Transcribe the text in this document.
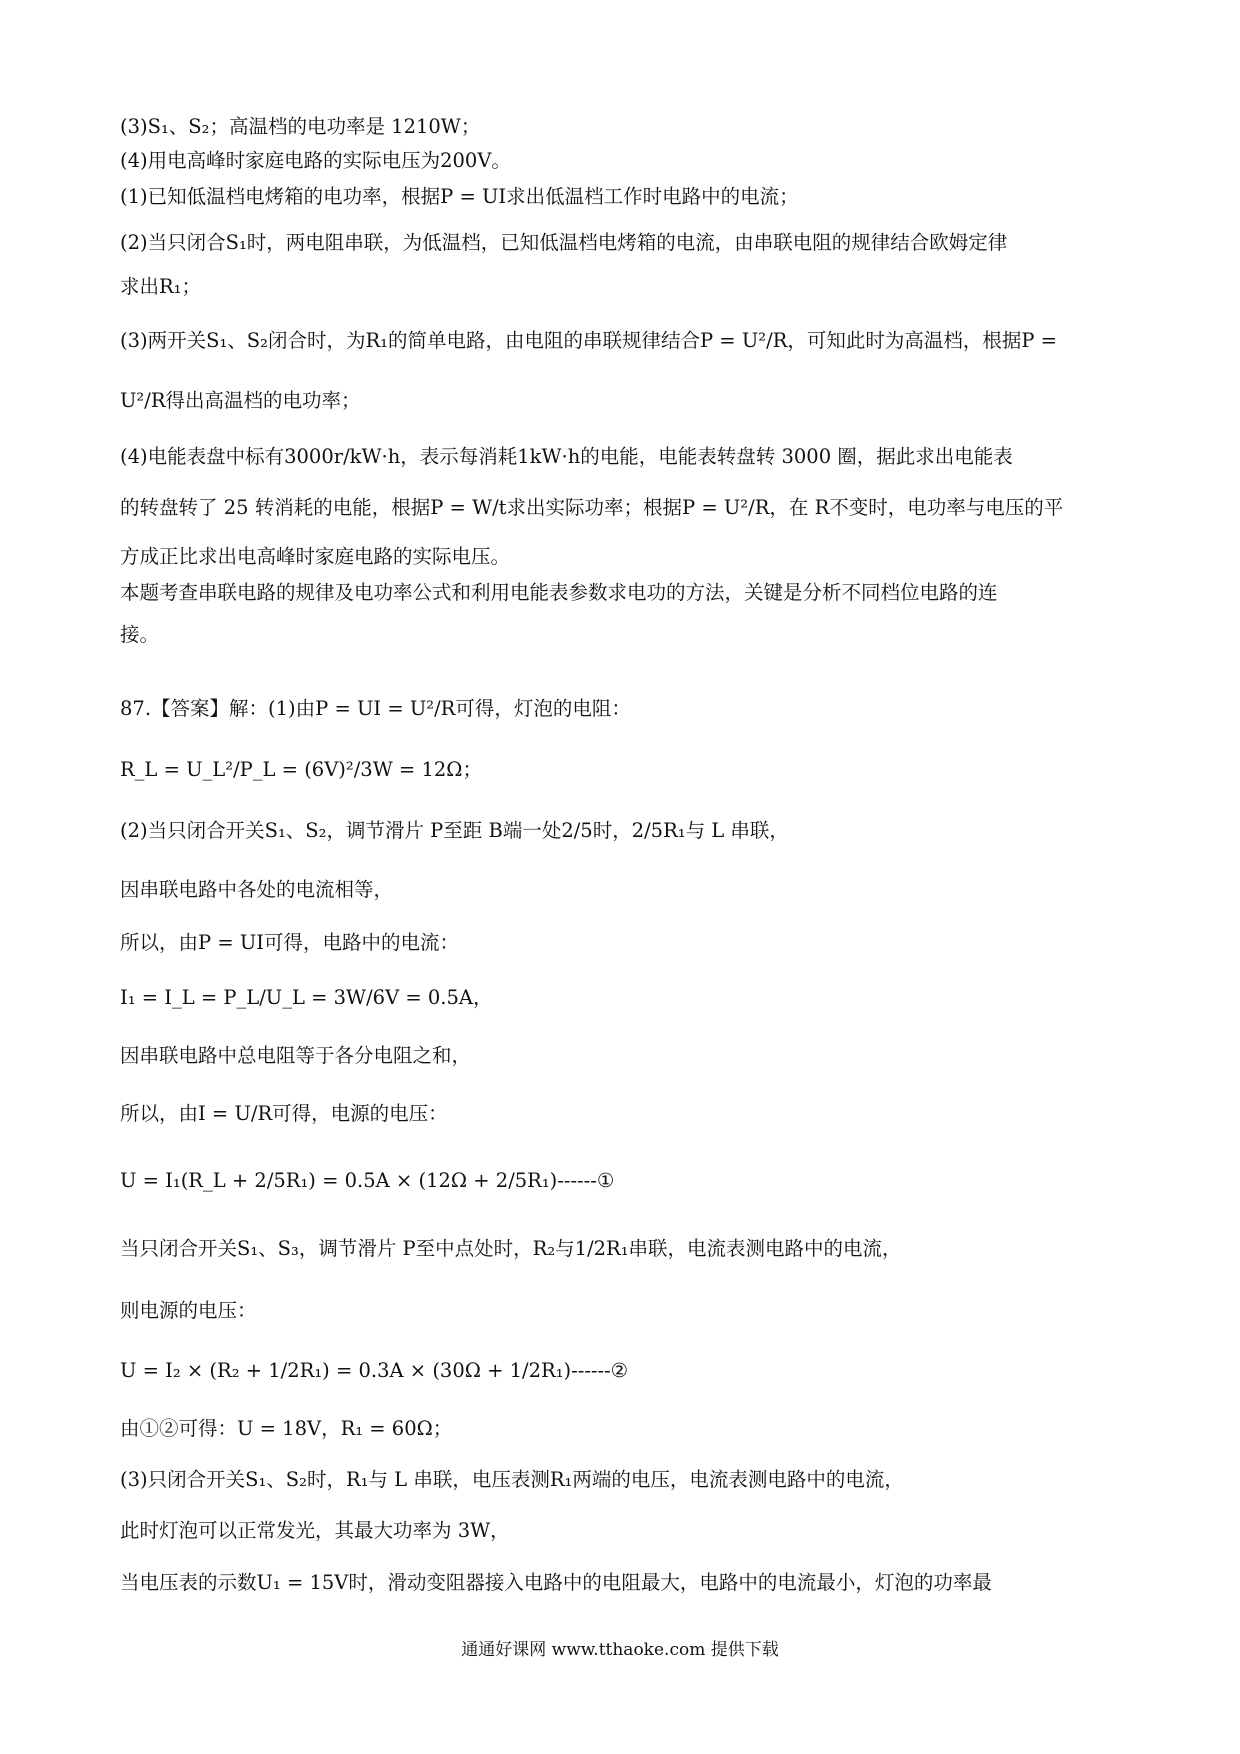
(3)S₁、S₂；高温档的电功率是 1210W；
(4)用电高峰时家庭电路的实际电压为200V。
(1)已知低温档电烤箱的电功率，根据P = UI求出低温档工作时电路中的电流；
(2)当只闭合S₁时，两电阻串联，为低温档，已知低温档电烤箱的电流，由串联电阻的规律结合欧姆定律
求出R₁；
(3)两开关S₁、S₂闭合时，为R₁的简单电路，由电阻的串联规律结合P = U²/R，可知此时为高温档，根据P =
U²/R得出高温档的电功率；
(4)电能表盘中标有3000r/kW·h，表示每消耗1kW·h的电能，电能表转盘转 3000 圈，据此求出电能表
的转盘转了 25 转消耗的电能，根据P = W/t求出实际功率；根据P = U²/R，在 R不变时，电功率与电压的平
方成正比求出电高峰时家庭电路的实际电压。
本题考查串联电路的规律及电功率公式和利用电能表参数求电功的方法，关键是分析不同档位电路的连
接。
87.【答案】解：(1)由P = UI = U²/R可得，灯泡的电阻：
R_L = U_L²/P_L = (6V)²/3W = 12Ω；
(2)当只闭合开关S₁、S₂，调节滑片 P至距 B端一处2/5时，2/5R₁与 L 串联，
因串联电路中各处的电流相等，
所以，由P = UI可得，电路中的电流：
I₁ = I_L = P_L/U_L = 3W/6V = 0.5A，
因串联电路中总电阻等于各分电阻之和，
所以，由I = U/R可得，电源的电压：
U = I₁(R_L + 2/5R₁) = 0.5A × (12Ω + 2/5R₁)------①
当只闭合开关S₁、S₃，调节滑片 P至中点处时，R₂与1/2R₁串联，电流表测电路中的电流，
则电源的电压：
U = I₂ × (R₂ + 1/2R₁) = 0.3A × (30Ω + 1/2R₁)------②
由①②可得：U = 18V，R₁ = 60Ω；
(3)只闭合开关S₁、S₂时，R₁与 L 串联，电压表测R₁两端的电压，电流表测电路中的电流，
此时灯泡可以正常发光，其最大功率为 3W，
当电压表的示数U₁ = 15V时，滑动变阻器接入电路中的电阻最大，电路中的电流最小，灯泡的功率最
通通好课网 www.tthaoke.com 提供下载
